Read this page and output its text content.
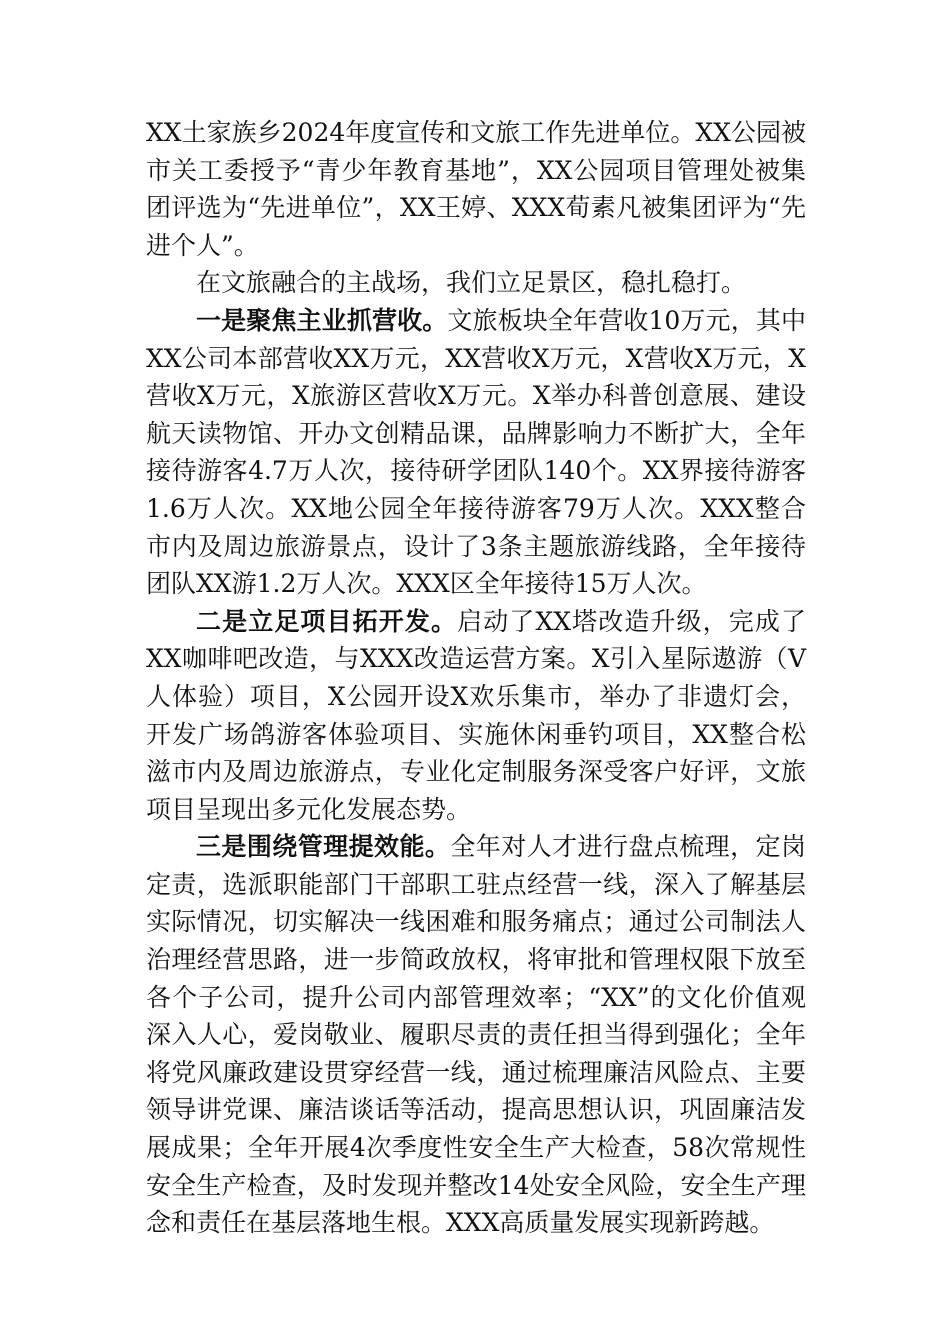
XX土家族乡2024年度宣传和文旅工作先进单位。XX公园被市关工委授予“青少年教育基地”，XX公园项目管理处被集团评选为“先进单位”，XX王婷、XXX荀素凡被集团评为“先进个人”。

在文旅融合的主战场，我们立足景区，稳扎稳打。

一是聚焦主业抓营收。文旅板块全年营收10万元，其中XX公司本部营收XX万元，XX营收X万元，X营收X万元，X营收X万元，X旅游区营收X万元。X举办科普创意展、建设航天读物馆、开办文创精品课，品牌影响力不断扩大，全年接待游客4.7万人次，接待研学团队140个。XX界接待游客1.6万人次。XX地公园全年接待游客79万人次。XXX整合市内及周边旅游景点，设计了3条主题旅游线路，全年接待团队XX游1.2万人次。XXX区全年接待15万人次。

二是立足项目拓开发。启动了XX塔改造升级，完成了XX咖啡吧改造，与XXX改造运营方案。X引入星际遨游（V人体验）项目，X公园开设X欢乐集市，举办了非遗灯会，开发广场鸽游客体验项目、实施休闲垂钓项目，XX整合松滋市内及周边旅游点，专业化定制服务深受客户好评，文旅项目呈现出多元化发展态势。

三是围绕管理提效能。全年对人才进行盘点梳理，定岗定责，选派职能部门干部职工驻点经营一线，深入了解基层实际情况，切实解决一线困难和服务痛点；通过公司制法人治理经营思路，进一步简政放权，将审批和管理权限下放至各个子公司，提升公司内部管理效率；“XX”的文化价值观深入人心，爱岗敬业、履职尽责的责任担当得到强化；全年将党风廉政建设贯穿经营一线，通过梳理廉洁风险点、主要领导讲党课、廉洁谈话等活动，提高思想认识，巩固廉洁发展成果；全年开展4次季度性安全生产大检查，58次常规性安全生产检查，及时发现并整改14处安全风险，安全生产理念和责任在基层落地生根。XXX高质量发展实现新跨越。
